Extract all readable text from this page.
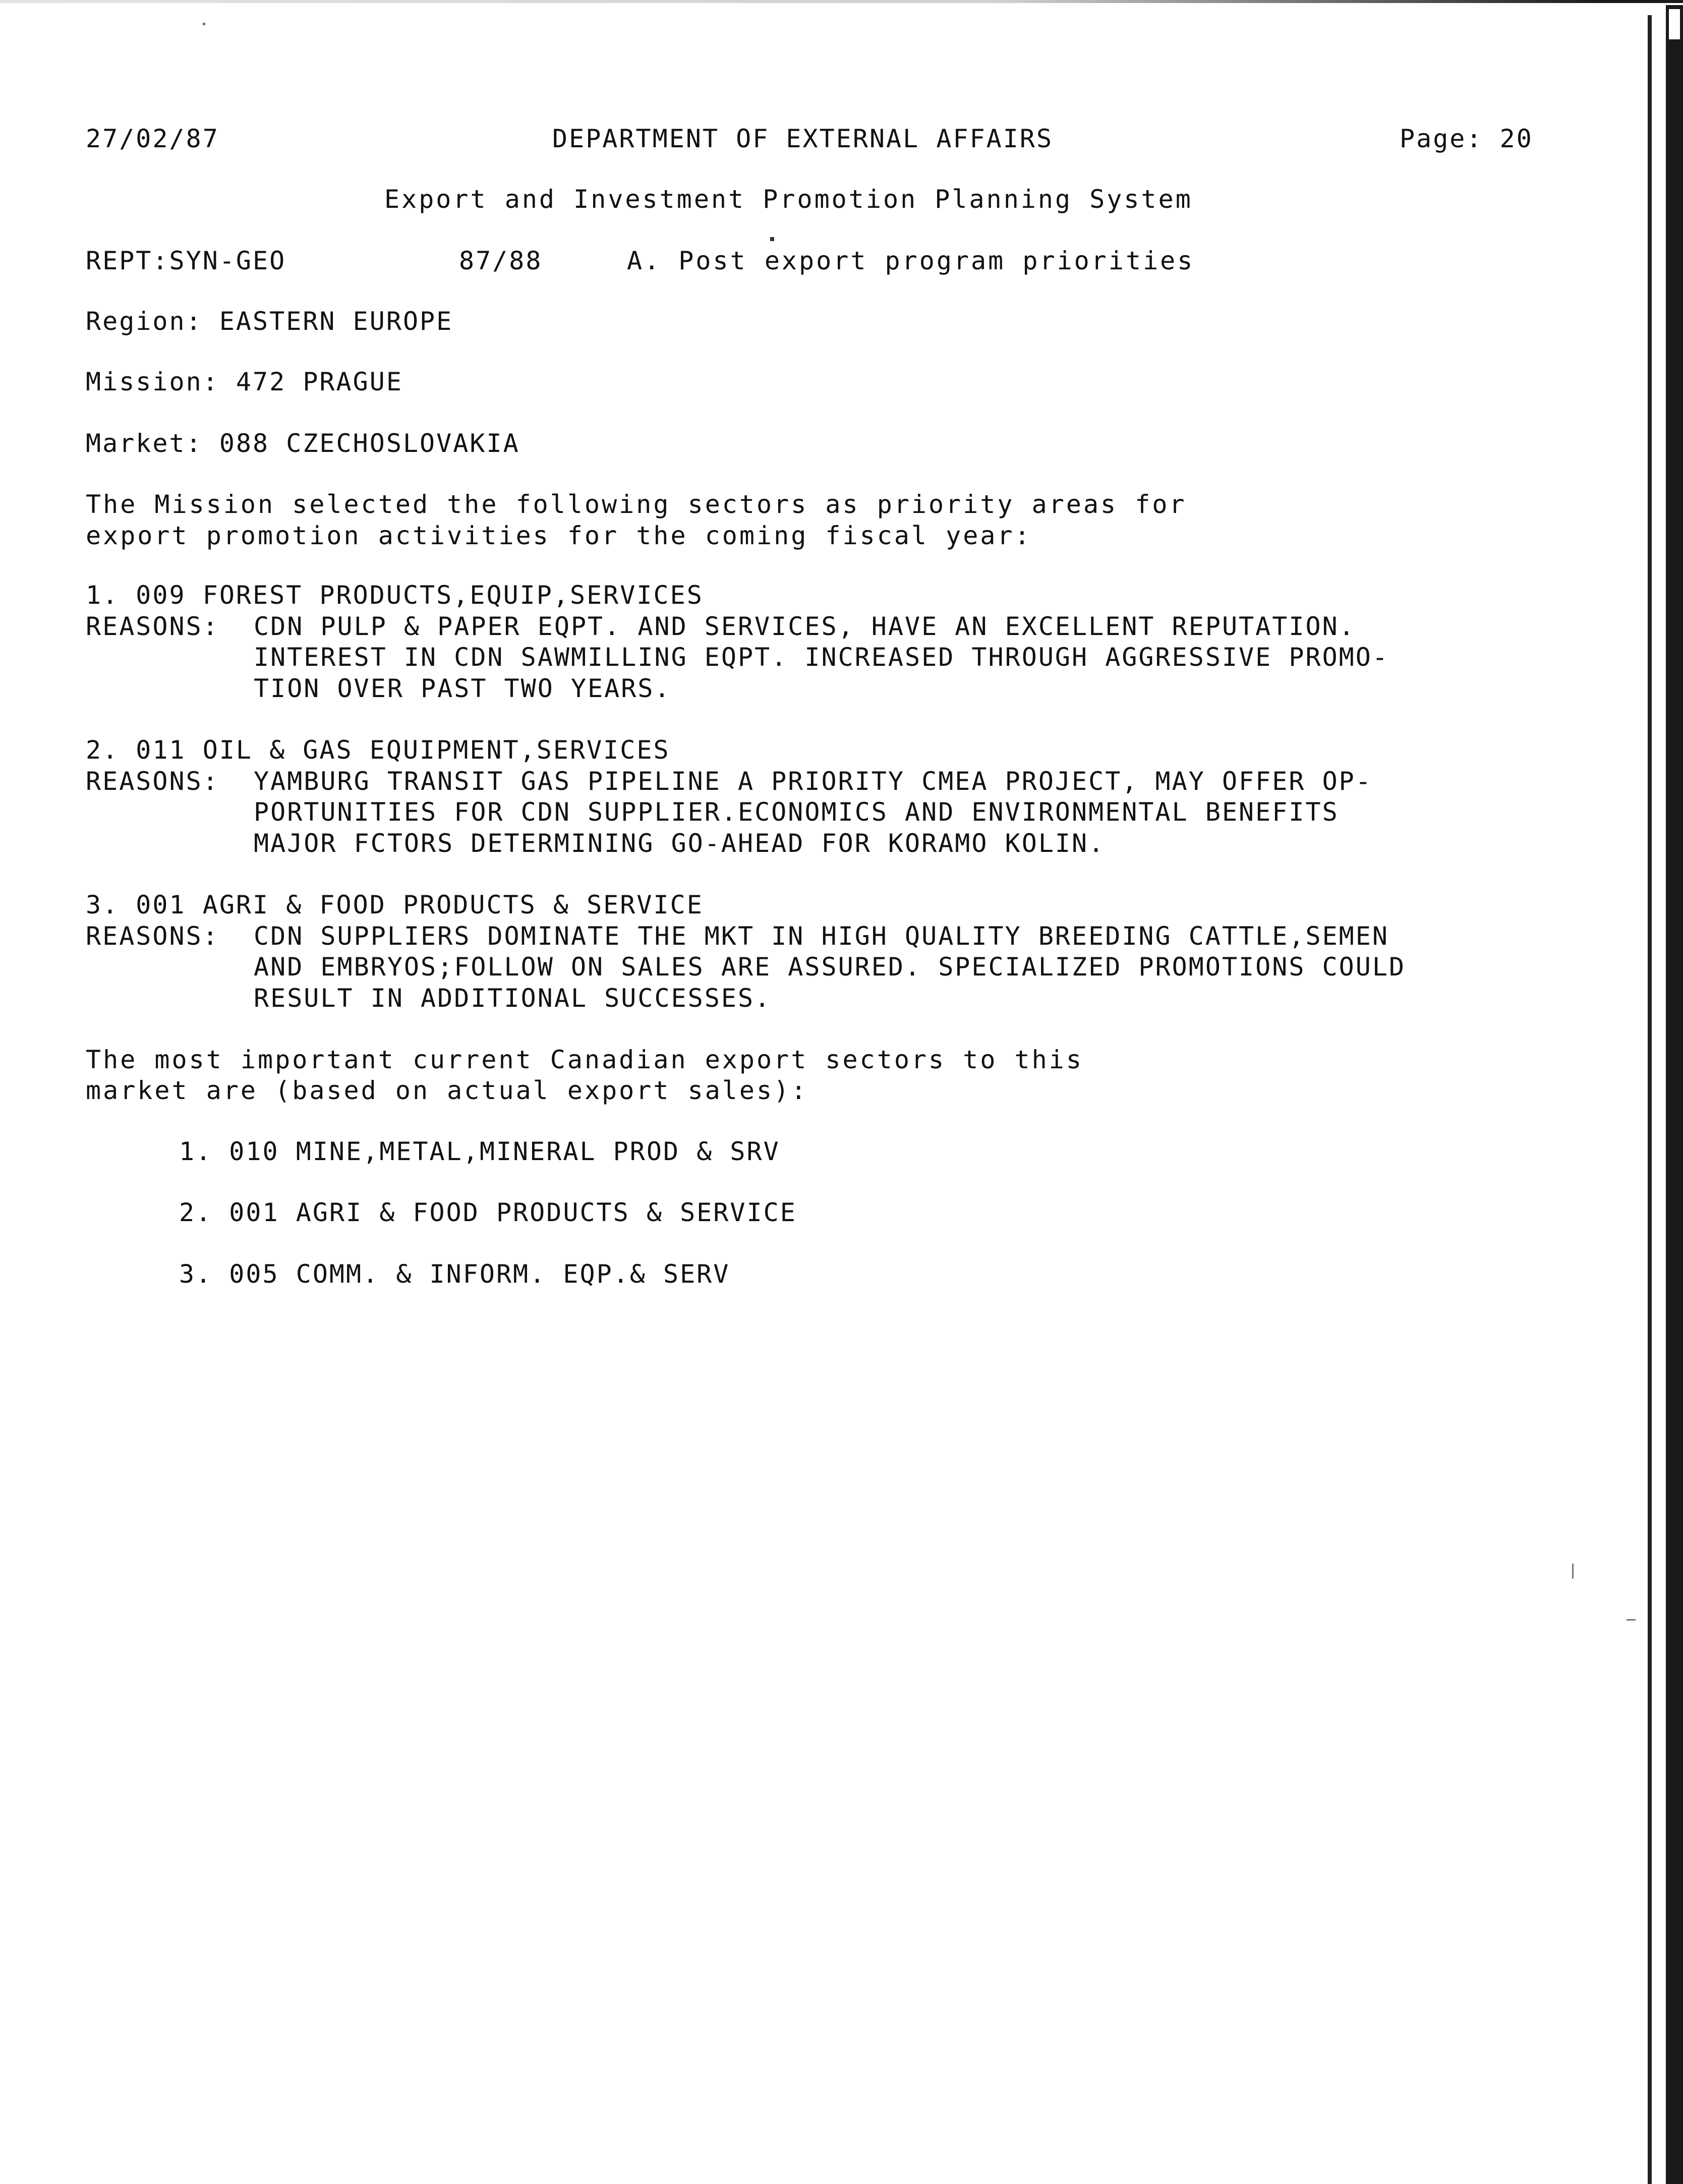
27/02/87	DEPARTMENT OF EXTERNAL AFFAIRS	Page: 20
Export and Investment Promotion Planning System
REPT:SYN-GEO	87/88	A. Post export program priorities
Region: EASTERN EUROPE
Mission: 472 PRAGUE
Market: 088 CZECHOSLOVAKIA
The Mission selected the following sectors as priority areas for
export promotion activities for the coming fiscal year:
1. 009 FOREST PRODUCTS,EQUIP,SERVICES
REASONS: CDN PULP & PAPER EQPT. AND SERVICES, HAVE AN EXCELLENT REPUTATION.
INTEREST IN CDN SAWMILLING EQPT. INCREASED THROUGH AGGRESSIVE PROMO-
TION OVER PAST TWO YEARS.
2. 011 OIL & GAS EQUIPMENT,SERVICES
REASONS: YAMBURG TRANSIT GAS PIPELINE A PRIORITY CMEA PROJECT, MAY OFFER OP-
PORTUNITIES FOR CDN SUPPLIER.ECONOMICS AND ENVIRONMENTAL BENEFITS
MAJOR FCTORS DETERMINING GO-AHEAD FOR KORAMO KOLIN.
3. 001 AGRI & FOOD PRODUCTS & SERVICE
REASONS: CDN SUPPLIERS DOMINATE THE MKT IN HIGH QUALITY BREEDING CATTLE,SEMEN
AND EMBRYOS;FOLLOW ON SALES ARE ASSURED. SPECIALIZED PROMOTIONS COULD
RESULT IN ADDITIONAL SUCCESSES.
The most important current Canadian export sectors to this
market are (based on actual export sales):
1. 010 MINE,METAL,MINERAL PROD & SRV
2. 001 AGRI & FOOD PRODUCTS & SERVICE
3. 005 COMM. & INFORM. EQP.& SERV
